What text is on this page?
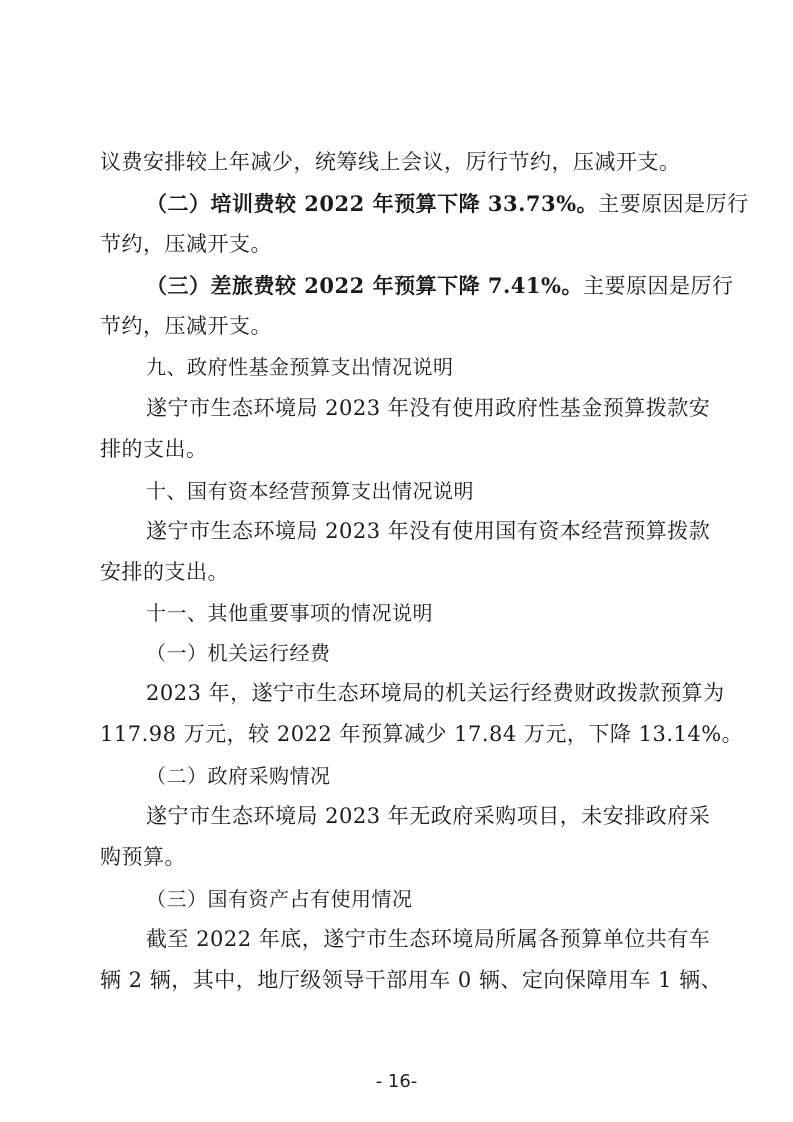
议费安排较上年减少，统筹线上会议，厉行节约，压减开支。
（二）培训费较 2022 年预算下降 33.73%。主要原因是厉行
节约，压减开支。
（三）差旅费较 2022 年预算下降 7.41%。主要原因是厉行
节约，压减开支。
九、政府性基金预算支出情况说明
遂宁市生态环境局 2023 年没有使用政府性基金预算拨款安
排的支出。
十、国有资本经营预算支出情况说明
遂宁市生态环境局 2023 年没有使用国有资本经营预算拨款
安排的支出。
十一、其他重要事项的情况说明
（一）机关运行经费
2023 年，遂宁市生态环境局的机关运行经费财政拨款预算为
117.98 万元，较 2022 年预算减少 17.84 万元，下降 13.14%。
（二）政府采购情况
遂宁市生态环境局 2023 年无政府采购项目，未安排政府采
购预算。
（三）国有资产占有使用情况
截至 2022 年底，遂宁市生态环境局所属各预算单位共有车
辆 2 辆，其中，地厅级领导干部用车 0 辆、定向保障用车 1 辆、
- 16-
